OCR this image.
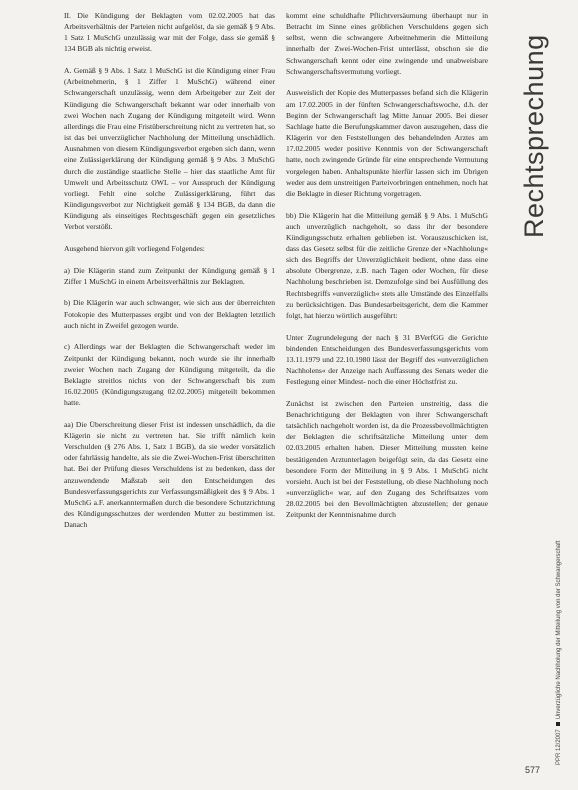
II. Die Kündigung der Beklagten vom 02.02.2005 hat das Arbeitsverhältnis der Parteien nicht aufgelöst, da sie gemäß § 9 Abs. 1 Satz 1 MuSchG unzulässig war mit der Folge, dass sie gemäß § 134 BGB als nichtig erweist.

A. Gemäß § 9 Abs. 1 Satz 1 MuSchG ist die Kündigung einer Frau (Arbeitnehmerin, § 1 Ziffer 1 MuSchG) während einer Schwangerschaft unzulässig, wenn dem Arbeitgeber zur Zeit der Kündigung die Schwangerschaft bekannt war oder innerhalb von zwei Wochen nach Zugang der Kündigung mitgeteilt wird. Wenn allerdings die Frau eine Fristüberschreitung nicht zu vertreten hat, so ist das bei unverzüglicher Nachholung der Mitteilung unschädlich. Ausnahmen von diesem Kündigungsverbot ergeben sich dann, wenn eine Zulässigerklärung der Kündigung gemäß § 9 Abs. 3 MuSchG durch die zuständige staatliche Stelle – hier das staatliche Amt für Umwelt und Arbeitsschutz OWL – vor Ausspruch der Kündigung vorliegt. Fehlt eine solche Zulässigerklärung, führt das Kündigungsverbot zur Nichtigkeit gemäß § 134 BGB, da dann die Kündigung als einseitiges Rechtsgeschäft gegen ein gesetzliches Verbot verstößt.

Ausgehend hiervon gilt vorliegend Folgendes:

a) Die Klägerin stand zum Zeitpunkt der Kündigung gemäß § 1 Ziffer 1 MuSchG in einem Arbeitsverhältnis zur Beklagten.

b) Die Klägerin war auch schwanger, wie sich aus der überreichten Fotokopie des Mutterpasses ergibt und von der Beklagten letztlich auch nicht in Zweifel gezogen wurde.

c) Allerdings war der Beklagten die Schwangerschaft weder im Zeitpunkt der Kündigung bekannt, noch wurde sie ihr innerhalb zweier Wochen nach Zugang der Kündigung mitgeteilt, da die Beklagte streitlos nichts von der Schwangerschaft bis zum 16.02.2005 (Kündigungszugang 02.02.2005) mitgeteilt bekommen hatte.

aa) Die Überschreitung dieser Frist ist indessen unschädlich, da die Klägerin sie nicht zu vertreten hat. Sie trifft nämlich kein Verschulden (§ 276 Abs. 1, Satz 1 BGB), da sie weder vorsätzlich oder fahrlässig handelte, als sie die Zwei-Wochen-Frist überschritten hat. Bei der Prüfung dieses Verschuldens ist zu bedenken, dass der anzuwendende Maßstab seit den Entscheidungen des Bundesverfassungsgerichts zur Verfassungsmäßigkeit des § 9 Abs. 1 MuSchG a.F. anerkanntermaßen durch die besondere Schutzrichtung des Kündigungsschutzes der werdenden Mutter zu bestimmen ist. Danach

kommt eine schuldhafte Pflichtversäumung überhaupt nur in Betracht im Sinne eines gröblichen Verschuldens gegen sich selbst, wenn die schwangere Arbeitnehmerin die Mitteilung innerhalb der Zwei-Wochen-Frist unterlässt, obschon sie die Schwangerschaft kennt oder eine zwingende und unabweisbare Schwangerschaftsvermutung vorliegt.

Ausweislich der Kopie des Mutterpasses befand sich die Klägerin am 17.02.2005 in der fünften Schwangerschaftswoche, d.h. der Beginn der Schwangerschaft lag Mitte Januar 2005. Bei dieser Sachlage hatte die Berufungskammer davon auszugehen, dass die Klägerin vor den Feststellungen des behandelnden Arztes am 17.02.2005 weder positive Kenntnis von der Schwangerschaft hatte, noch zwingende Gründe für eine entsprechende Vermutung vorgelegen haben. Anhaltspunkte hierfür lassen sich im Übrigen weder aus dem unstreitigen Parteivorbringen entnehmen, noch hat die Beklagte in dieser Richtung vorgetragen.

bb) Die Klägerin hat die Mitteilung gemäß § 9 Abs. 1 MuSchG auch unverzüglich nachgeholt, so dass ihr der besondere Kündigungsschutz erhalten geblieben ist. Vorauszuschicken ist, dass das Gesetz selbst für die zeitliche Grenze der »Nachholung« sich des Begriffs der Unverzüglichkeit bedient, ohne dass eine absolute Obergrenze, z.B. nach Tagen oder Wochen, für diese Nachholung beschrieben ist. Demzufolge sind bei Ausfüllung des Rechtsbegriffs »unverzüglich« stets alle Umstände des Einzelfalls zu berücksichtigen. Das Bundesarbeitsgericht, dem die Kammer folgt, hat hierzu wörtlich ausgeführt:

Unter Zugrundelegung der nach § 31 BVerfGG die Gerichte bindenden Entscheidungen des Bundesverfassungsgerichts vom 13.11.1979 und 22.10.1980 lässt der Begriff des »unverzüglichen Nachholens« der Anzeige nach Auffassung des Senats weder die Festlegung einer Mindest- noch die einer Höchstfrist zu.

Zunächst ist zwischen den Parteien unstreitig, dass die Benachrichtigung der Beklagten von ihrer Schwangerschaft tatsächlich nachgeholt worden ist, da die Prozessbevollmächtigten der Beklagten die schriftsätzliche Mitteilung unter dem 02.03.2005 erhalten haben. Dieser Mitteilung mussten keine bestätigenden Arztunterlagen beigefügt sein, da das Gesetz eine besondere Form der Mitteilung in § 9 Abs. 1 MuSchG nicht vorsieht. Auch ist bei der Feststellung, ob diese Nachholung noch »unverzüglich« war, auf den Zugang des Schriftsatzes vom 28.02.2005 bei den Bevollmächtigten abzustellen; der genaue Zeitpunkt der Kenntnisnahme durch

Rechtsprechung
PPR 12/2007Unverzügliche Nachholung der Mitteilung von der Schwangerschaft
577
